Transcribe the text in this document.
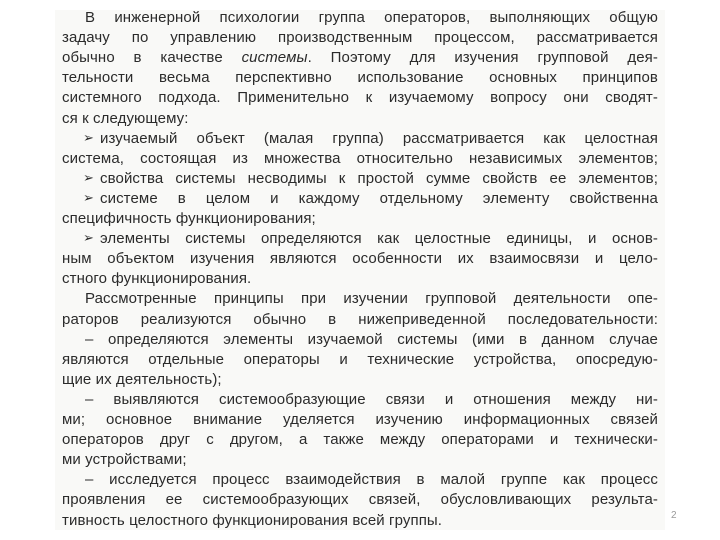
В инженерной психологии группа операторов, выполняющих общую
задачу по управлению производственным процессом, рассматривается
обычно в качестве системы. Поэтому для изучения групповой дея-
тельности весьма перспективно использование основных принципов
системного подхода. Применительно к изучаемому вопросу они сводят-
ся к следующему:
➢ изучаемый объект (малая группа) рассматривается как целостная
система, состоящая из множества относительно независимых элементов;
➢ свойства системы несводимы к простой сумме свойств ее элементов;
➢ системе в целом и каждому отдельному элементу свойственна
специфичность функционирования;
➢ элементы системы определяются как целостные единицы, и основ-
ным объектом изучения являются особенности их взаимосвязи и цело-
стного функционирования.
Рассмотренные принципы при изучении групповой деятельности опе-
раторов реализуются обычно в нижеприведенной последовательности:
– определяются элементы изучаемой системы (ими в данном случае
являются отдельные операторы и технические устройства, опосредую-
щие их деятельность);
– выявляются системообразующие связи и отношения между ни-
ми; основное внимание уделяется изучению информационных связей
операторов друг с другом, а также между операторами и технически-
ми устройствами;
– исследуется процесс взаимодействия в малой группе как процесс
проявления ее системообразующих связей, обусловливающих результа-
тивность целостного функционирования всей группы.	2
